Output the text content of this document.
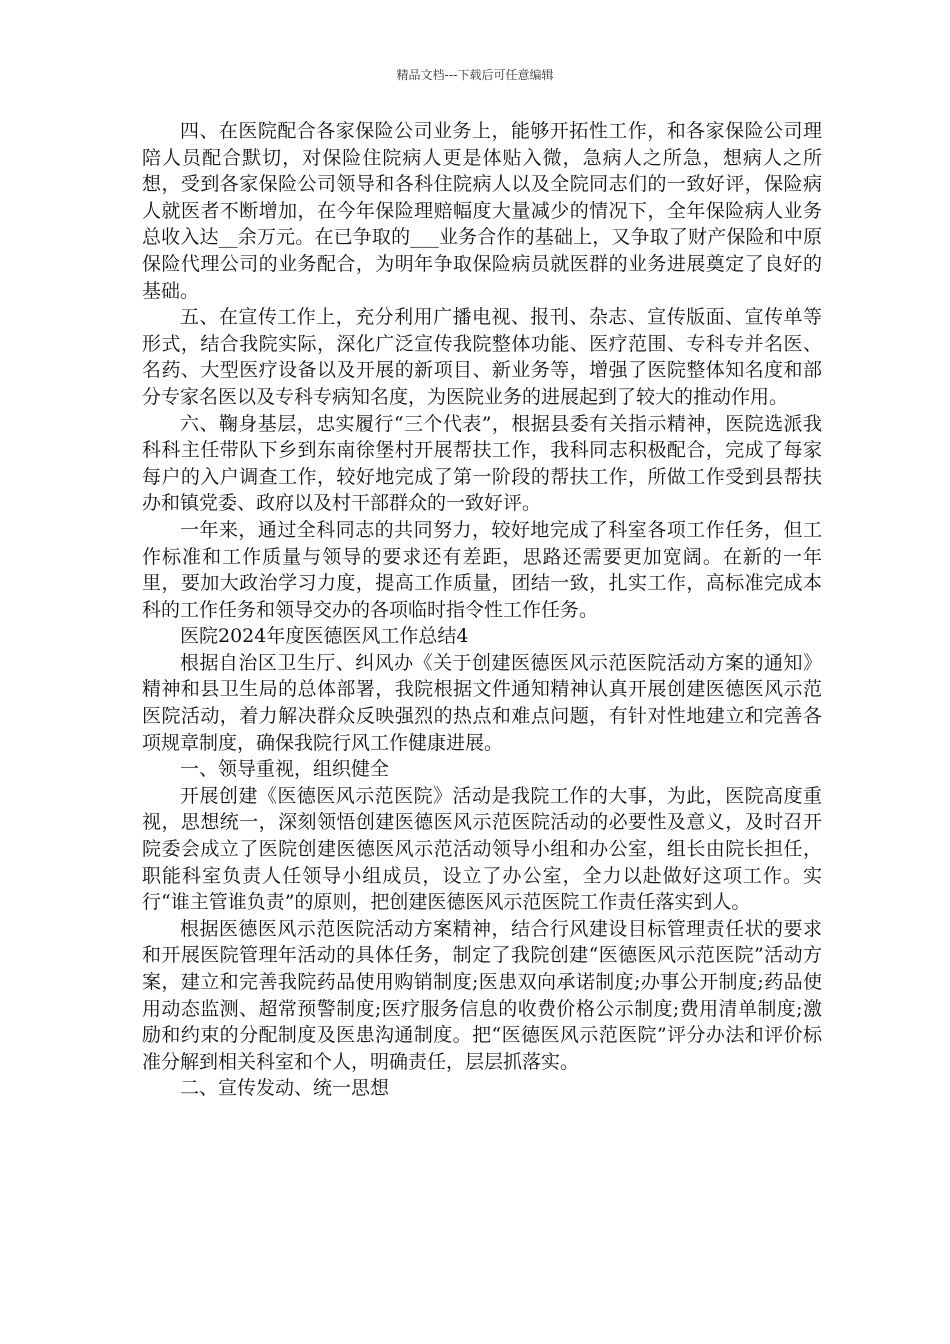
精品文档---下载后可任意编辑

四、在医院配合各家保险公司业务上，能够开拓性工作，和各家保险公司理陪人员配合默切，对保险住院病人更是体贴入微，急病人之所急，想病人之所想，受到各家保险公司领导和各科住院病人以及全院同志们的一致好评，保险病人就医者不断增加，在今年保险理赔幅度大量减少的情况下，全年保险病人业务总收入达__余万元。在已争取的___业务合作的基础上，又争取了财产保险和中原保险代理公司的业务配合，为明年争取保险病员就医群的业务进展奠定了良好的基础。

五、在宣传工作上，充分利用广播电视、报刊、杂志、宣传版面、宣传单等形式，结合我院实际，深化广泛宣传我院整体功能、医疗范围、专科专并名医、名药、大型医疗设备以及开展的新项目、新业务等，增强了医院整体知名度和部分专家名医以及专科专病知名度，为医院业务的进展起到了较大的推动作用。

六、鞠身基层，忠实履行“三个代表”，根据县委有关指示精神，医院选派我科科主任带队下乡到东南徐堡村开展帮扶工作，我科同志积极配合，完成了每家每户的入户调查工作，较好地完成了第一阶段的帮扶工作，所做工作受到县帮扶办和镇党委、政府以及村干部群众的一致好评。

一年来，通过全科同志的共同努力，较好地完成了科室各项工作任务，但工作标准和工作质量与领导的要求还有差距，思路还需要更加宽阔。在新的一年里，要加大政治学习力度，提高工作质量，团结一致，扎实工作，高标准完成本科的工作任务和领导交办的各项临时指令性工作任务。

医院2024年度医德医风工作总结4

根据自治区卫生厅、纠风办《关于创建医德医风示范医院活动方案的通知》精神和县卫生局的总体部署，我院根据文件通知精神认真开展创建医德医风示范医院活动，着力解决群众反映强烈的热点和难点问题，有针对性地建立和完善各项规章制度，确保我院行风工作健康进展。

一、领导重视，组织健全

开展创建《医德医风示范医院》活动是我院工作的大事，为此，医院高度重视，思想统一，深刻领悟创建医德医风示范医院活动的必要性及意义，及时召开院委会成立了医院创建医德医风示范活动领导小组和办公室，组长由院长担任，职能科室负责人任领导小组成员，设立了办公室，全力以赴做好这项工作。实行“谁主管谁负责”的原则，把创建医德医风示范医院工作责任落实到人。

根据医德医风示范医院活动方案精神，结合行风建设目标管理责任状的要求和开展医院管理年活动的具体任务，制定了我院创建“医德医风示范医院”活动方案，建立和完善我院药品使用购销制度;医患双向承诺制度;办事公开制度;药品使用动态监测、超常预警制度;医疗服务信息的收费价格公示制度;费用清单制度;激励和约束的分配制度及医患沟通制度。把“医德医风示范医院”评分办法和评价标准分解到相关科室和个人，明确责任，层层抓落实。

二、宣传发动、统一思想
